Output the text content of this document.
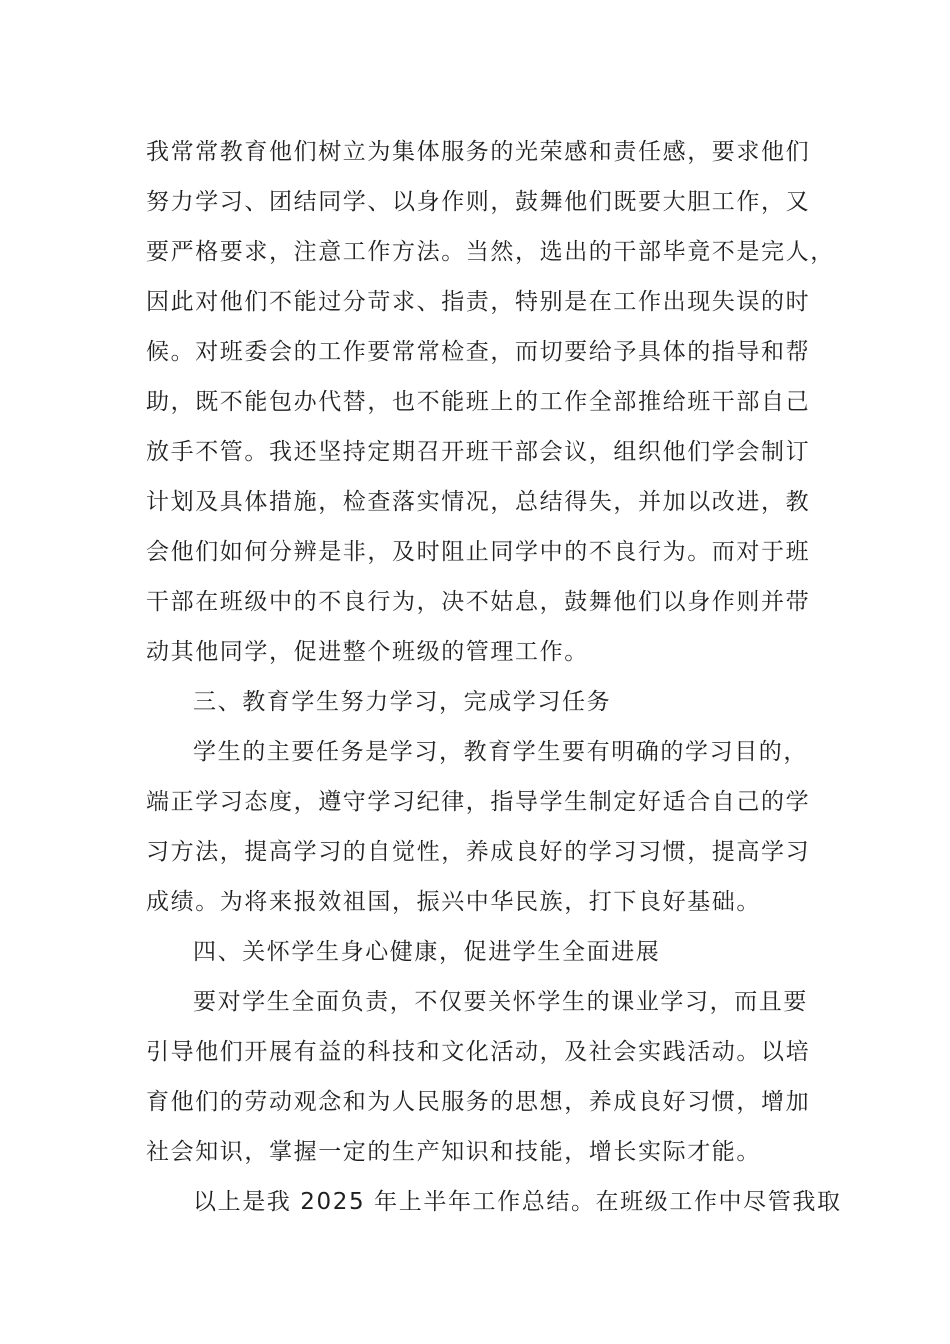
我常常教育他们树立为集体服务的光荣感和责任感，要求他们
努力学习、团结同学、以身作则，鼓舞他们既要大胆工作，又
要严格要求，注意工作方法。当然，选出的干部毕竟不是完人，
因此对他们不能过分苛求、指责，特别是在工作出现失误的时
候。对班委会的工作要常常检查，而切要给予具体的指导和帮
助，既不能包办代替，也不能班上的工作全部推给班干部自己
放手不管。我还坚持定期召开班干部会议，组织他们学会制订
计划及具体措施，检查落实情况，总结得失，并加以改进，教
会他们如何分辨是非，及时阻止同学中的不良行为。而对于班
干部在班级中的不良行为，决不姑息，鼓舞他们以身作则并带
动其他同学，促进整个班级的管理工作。
三、教育学生努力学习，完成学习任务
学生的主要任务是学习，教育学生要有明确的学习目的，
端正学习态度，遵守学习纪律，指导学生制定好适合自己的学
习方法，提高学习的自觉性，养成良好的学习习惯，提高学习
成绩。为将来报效祖国，振兴中华民族，打下良好基础。
四、关怀学生身心健康，促进学生全面进展
要对学生全面负责，不仅要关怀学生的课业学习，而且要
引导他们开展有益的科技和文化活动，及社会实践活动。以培
育他们的劳动观念和为人民服务的思想，养成良好习惯，增加
社会知识，掌握一定的生产知识和技能，增长实际才能。
以上是我 2025 年上半年工作总结。在班级工作中尽管我取
